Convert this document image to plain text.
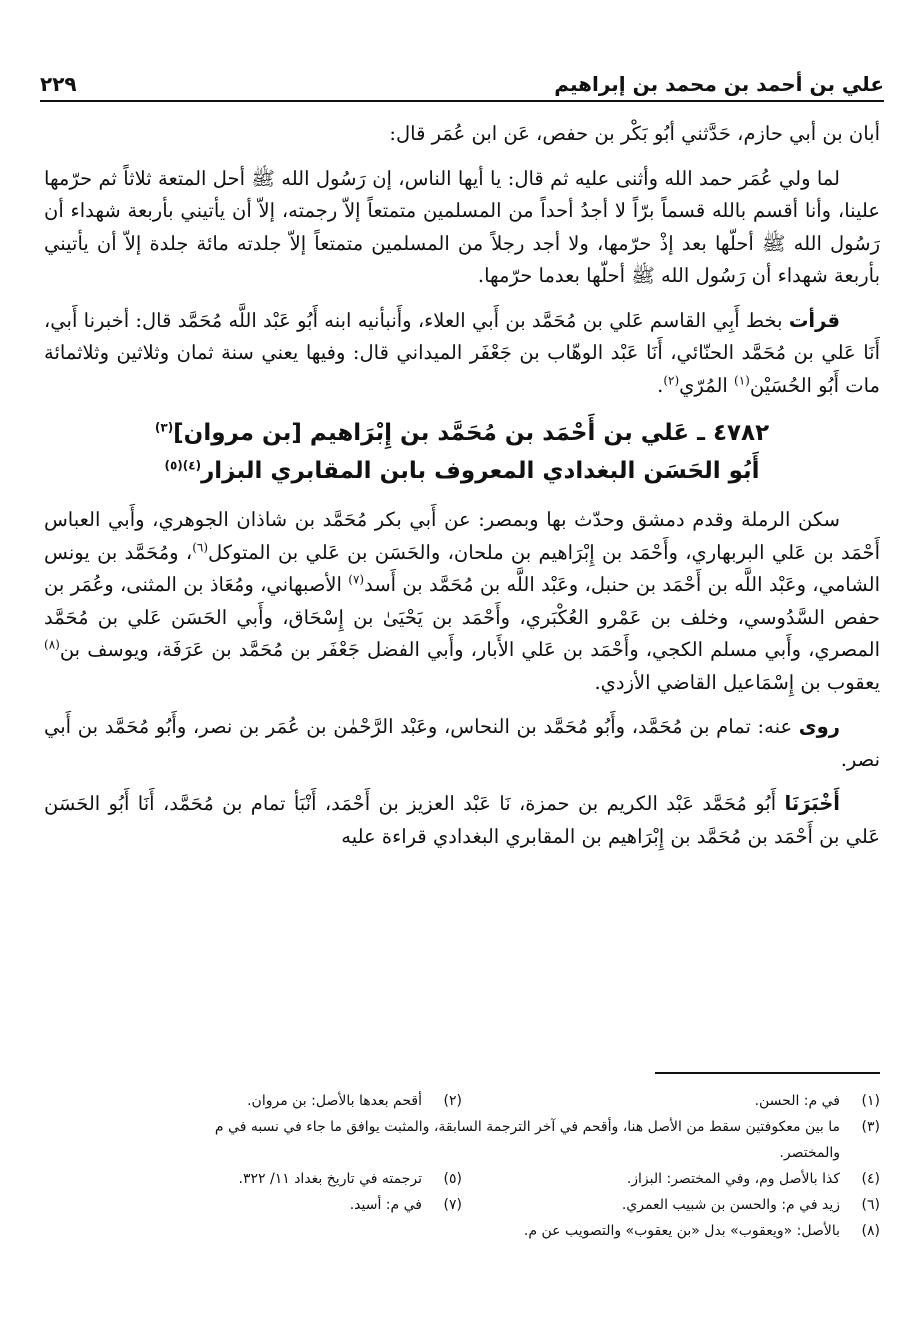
علي بن أحمد بن محمد بن إبراهيم
٢٢٩

أبان بن أبي حازم، حَدَّثني أبُو بَكْر بن حفص، عَن ابن عُمَر قال:

لما ولي عُمَر حمد الله وأثنى عليه ثم قال: يا أيها الناس، إن رَسُول الله ﷺ أحل المتعة ثلاثاً ثم حرّمها علينا، وأنا أقسم بالله قسماً برّاً لا أجدُ أحداً من المسلمين متمتعاً إلاّ رجمته، إلاّ أن يأتيني بأربعة شهداء أن رَسُول الله ﷺ أحلّها بعد إذْ حرّمها، ولا أجد رجلاً من المسلمين متمتعاً إلاّ جلدته مائة جلدة إلاّ أن يأتيني بأربعة شهداء أن رَسُول الله ﷺ أحلّها بعدما حرّمها.

قرأت بخط أَبِي القاسم عَلي بن مُحَمَّد بن أَبي العلاء، وأَنبأنيه ابنه أَبُو عَبْد اللَّه مُحَمَّد قال: أخبرنا أَبي، أَنَا عَلي بن مُحَمَّد الحنّائي، أَنَا عَبْد الوهّاب بن جَعْفَر الميداني قال: وفيها يعني سنة ثمان وثلاثين وثلاثمائة مات أَبُو الحُسَيْن$^{(١)}$ المُرّي$^{(٢)}$.

٤٧٨٢ ـ عَلي بن أَحْمَد بن مُحَمَّد بن إِبْرَاهيم [بن مروان]$^{(٣)}$
أَبُو الحَسَن البغدادي المعروف بابن المقابري البزار$^{(٤)(٥)}$

سكن الرملة وقدم دمشق وحدّث بها وبمصر: عن أَبي بكر مُحَمَّد بن شاذان الجوهري، وأَبي العباس أَحْمَد بن عَلي البربهاري، وأَحْمَد بن إِبْرَاهيم بن ملحان، والحَسَن بن عَلي بن المتوكل$^{(٦)}$، ومُحَمَّد بن يونس الشامي، وعَبْد اللَّه بن أَحْمَد بن حنبل، وعَبْد اللَّه بن مُحَمَّد بن أَسد$^{(٧)}$ الأصبهاني، ومُعَاذ بن المثنى، وعُمَر بن حفص السَّدُوسي، وخلف بن عَمْرو العُكْبَري، وأَحْمَد بن يَحْيَىٰ بن إِسْحَاق، وأَبي الحَسَن عَلي بن مُحَمَّد المصري، وأَبي مسلم الكجي، وأَحْمَد بن عَلي الأَبار، وأَبي الفضل جَعْفَر بن مُحَمَّد بن عَرَفَة، ويوسف بن$^{(٨)}$ يعقوب بن إِسْمَاعيل القاضي الأزدي.

روى عنه: تمام بن مُحَمَّد، وأَبُو مُحَمَّد بن النحاس، وعَبْد الرَّحْمٰن بن عُمَر بن نصر، وأَبُو مُحَمَّد بن أَبي نصر.

أَخْبَرَنَا أَبُو مُحَمَّد عَبْد الكريم بن حمزة، نَا عَبْد العزيز بن أَحْمَد، أَنْبَأ تمام بن مُحَمَّد، أَنَا أَبُو الحَسَن عَلي بن أَحْمَد بن مُحَمَّد بن إِبْرَاهيم بن المقابري البغدادي قراءة عليه

(١)
في م: الحسن.
(٢)
أقحم بعدها بالأصل: بن مروان.
(٣)
ما بين معكوفتين سقط من الأصل هنا، وأقحم في آخر الترجمة السابقة، والمثبت يوافق ما جاء في نسبه في م
والمختصر.
(٤)
كذا بالأصل وم، وفي المختصر: البزاز.
(٥)
ترجمته في تاريخ بغداد ١١/ ٣٢٢.
(٦)
زيد في م: والحسن بن شبيب العمري.
(٧)
في م: أسيد.
(٨)
بالأصل: «ويعقوب» بدل «بن يعقوب» والتصويب عن م.
